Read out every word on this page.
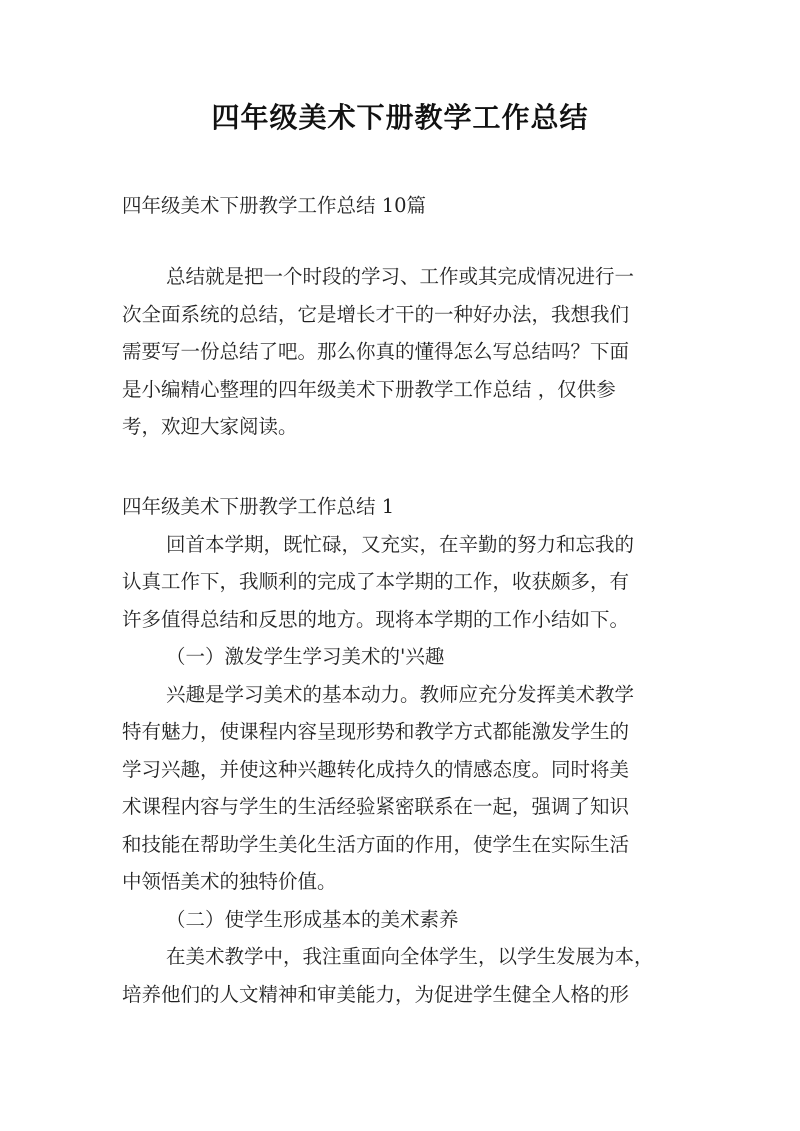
四年级美术下册教学工作总结
四年级美术下册教学工作总结 10篇
总结就是把一个时段的学习、工作或其完成情况进行一
次全面系统的总结，它是增长才干的一种好办法，我想我们
需要写一份总结了吧。那么你真的懂得怎么写总结吗？下面
是小编精心整理的四年级美术下册教学工作总结 ，仅供参
考，欢迎大家阅读。
四年级美术下册教学工作总结 1
回首本学期，既忙碌，又充实，在辛勤的努力和忘我的
认真工作下，我顺利的完成了本学期的工作，收获颇多，有
许多值得总结和反思的地方。现将本学期的工作小结如下。
（一）激发学生学习美术的'兴趣
兴趣是学习美术的基本动力。教师应充分发挥美术教学
特有魅力，使课程内容呈现形势和教学方式都能激发学生的
学习兴趣，并使这种兴趣转化成持久的情感态度。同时将美
术课程内容与学生的生活经验紧密联系在一起，强调了知识
和技能在帮助学生美化生活方面的作用，使学生在实际生活
中领悟美术的独特价值。
（二）使学生形成基本的美术素养
在美术教学中，我注重面向全体学生，以学生发展为本，
培养他们的人文精神和审美能力，为促进学生健全人格的形
